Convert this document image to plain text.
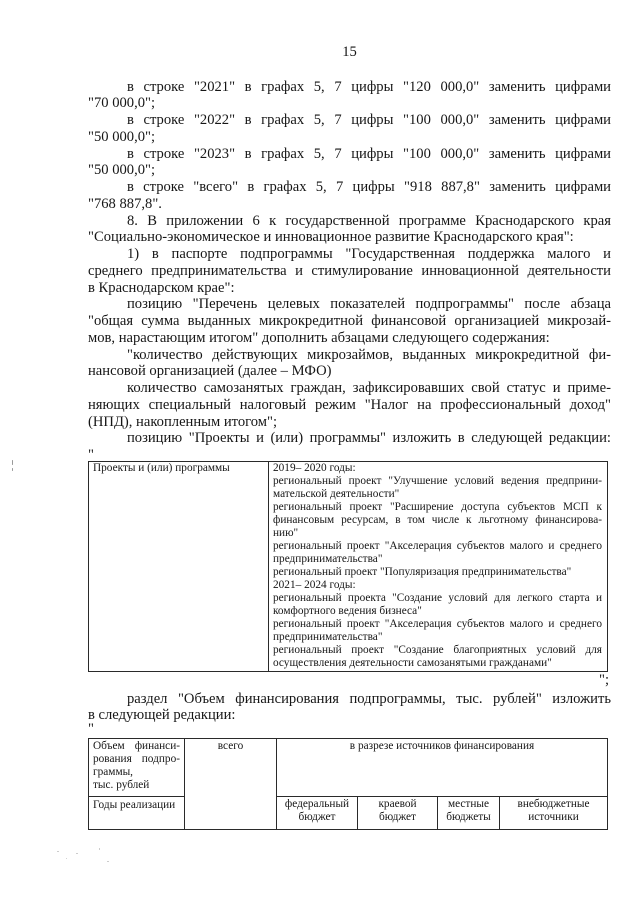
15
в строке "2021" в графах 5, 7 цифры "120 000,0" заменить цифрами
"70 000,0";
в строке "2022" в графах 5, 7 цифры "100 000,0" заменить цифрами
"50 000,0";
в строке "2023" в графах 5, 7 цифры "100 000,0" заменить цифрами
"50 000,0";
в строке "всего" в графах 5, 7 цифры "918 887,8" заменить цифрами
"768 887,8".
8. В приложении 6 к государственной программе Краснодарского края
"Социально-экономическое и инновационное развитие Краснодарского края":
1) в паспорте подпрограммы "Государственная поддержка малого и
среднего предпринимательства и стимулирование инновационной деятельности
в Краснодарском крае":
позицию "Перечень целевых показателей подпрограммы" после абзаца
"общая сумма выданных микрокредитной финансовой организацией микрозай-
мов, нарастающим итогом" дополнить абзацами следующего содержания:
"количество действующих микрозаймов, выданных микрокредитной фи-
нансовой организацией (далее – МФО)
количество самозанятых граждан, зафиксировавших свой статус и приме-
няющих специальный налоговый режим "Налог на профессиональный доход"
(НПД), накопленным итогом";
позицию "Проекты и (или) программы" изложить в следующей редакции:
"
Проекты и (или) программы	2019– 2020 годы:
региональный проект "Улучшение условий ведения предприни-
мательской деятельности"
региональный проект "Расширение доступа субъектов МСП к
финансовым ресурсам, в том числе к льготному финансирова-
нию"
региональный проект "Акселерация субъектов малого и среднего
предпринимательства"
региональный проект "Популяризация предпринимательства"
2021– 2024 годы:
региональный проекта "Создание условий для легкого старта и
комфортного ведения бизнеса"
региональный проект "Акселерация субъектов малого и среднего
предпринимательства"
региональный проект "Создание благоприятных условий для
осуществления деятельности самозанятыми гражданами"
";
раздел "Объем финансирования подпрограммы, тыс. рублей" изложить
в следующей редакции:
"
Объем финанси-
рования подпро-
граммы,
тыс. рублей
Годы реализации
всего	в разрезе источников финансирования
федеральный
бюджет
краевой
бюджет
местные
бюджеты
внебюджетные
источники
